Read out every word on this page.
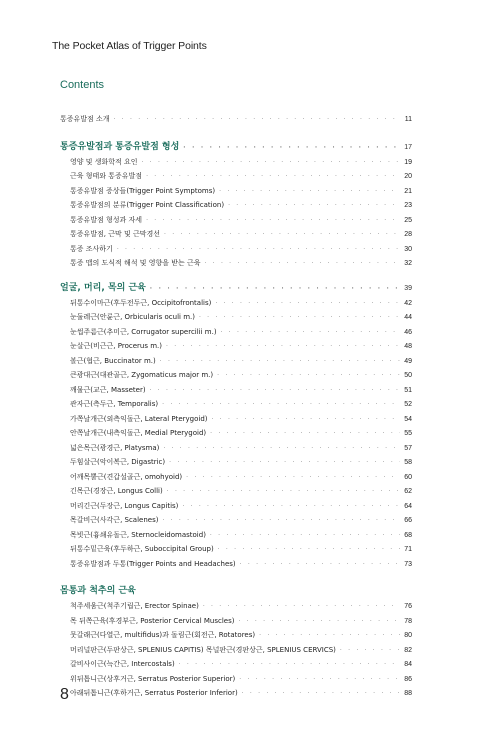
The Pocket Atlas of Trigger Points
Contents
통증유발점 소개 · · ·	11
통증유발점과 통증유발점 형성 · · ·	17
영양 및 생화학적 요인 · · ·	19
근육 형태와 통증유발점 · · ·	20
통증유발점 증상들(Trigger Point Symptoms) · · ·	21
통증유발점의 분류(Trigger Point Classification) · · ·	23
통증유발점 형성과 자세 · · ·	25
통증유발점, 근막 및 근막경선 · · ·	28
통증 조사하기 · · ·	30
통증 맵의 도식적 해석 및 영향을 받는 근육 · · ·	32
얼굴, 머리, 목의 근육 · · ·	39
뒤통수이마근(후두전두근, Occipitofrontalis) · · ·	42
눈둘레근(안륜근, Orbicularis oculi m.) · · ·	44
눈썹주름근(추미근, Corrugator supercilii m.) · · ·	46
눈살근(비근근, Procerus m.) · · ·	48
볼근(협근, Buccinator m.) · · ·	49
큰광대근(대관골근, Zygomaticus major m.) · · ·	50
깨물근(교근, Masseter) · · ·	51
관자근(측두근, Temporalis) · · ·	52
가쪽날개근(외측익돌근, Lateral Pterygoid) · · ·	54
안쪽날개근(내측익돌근, Medial Pterygoid) · · ·	55
넓은목근(광경근, Platysma) · · ·	57
두힘살근(악이복근, Digastric) · · ·	58
어깨목뿔근(견갑설골근, omohyoid) · · ·	60
긴목근(경장근, Longus Colli) · · ·	62
머리긴근(두장근, Longus Capitis) · · ·	64
목갈비근(사각근, Scalenes) · · ·	66
목빗근(흉쇄유돌근, Sternocleidomastoid) · · ·	68
뒤통수밑근육(후두하근, Suboccipital Group) · · ·	71
통증유발점과 두통(Trigger Points and Headaches) · · ·	73
몸통과 척추의 근육
척주세움근(척주기립근, Erector Spinae) · · ·	76
목 뒤쪽근육(후경부근, Posterior Cervical Muscles) · · ·	78
뭇갈래근(다열근, multifidus)과 돌림근(회전근, Rotatores) · · ·	80
머리널판근(두판상근, SPLENIUS CAPITIS) 목널판근(경판상근, SPLENIUS CERVICS) · · ·	82
갈비사이근(늑간근, Intercostals) · · ·	84
위뒤톱니근(상후거근, Serratus Posterior Superior) · · ·	86
아래뒤톱니근(후하거근, Serratus Posterior Inferior) · · ·	88
8
